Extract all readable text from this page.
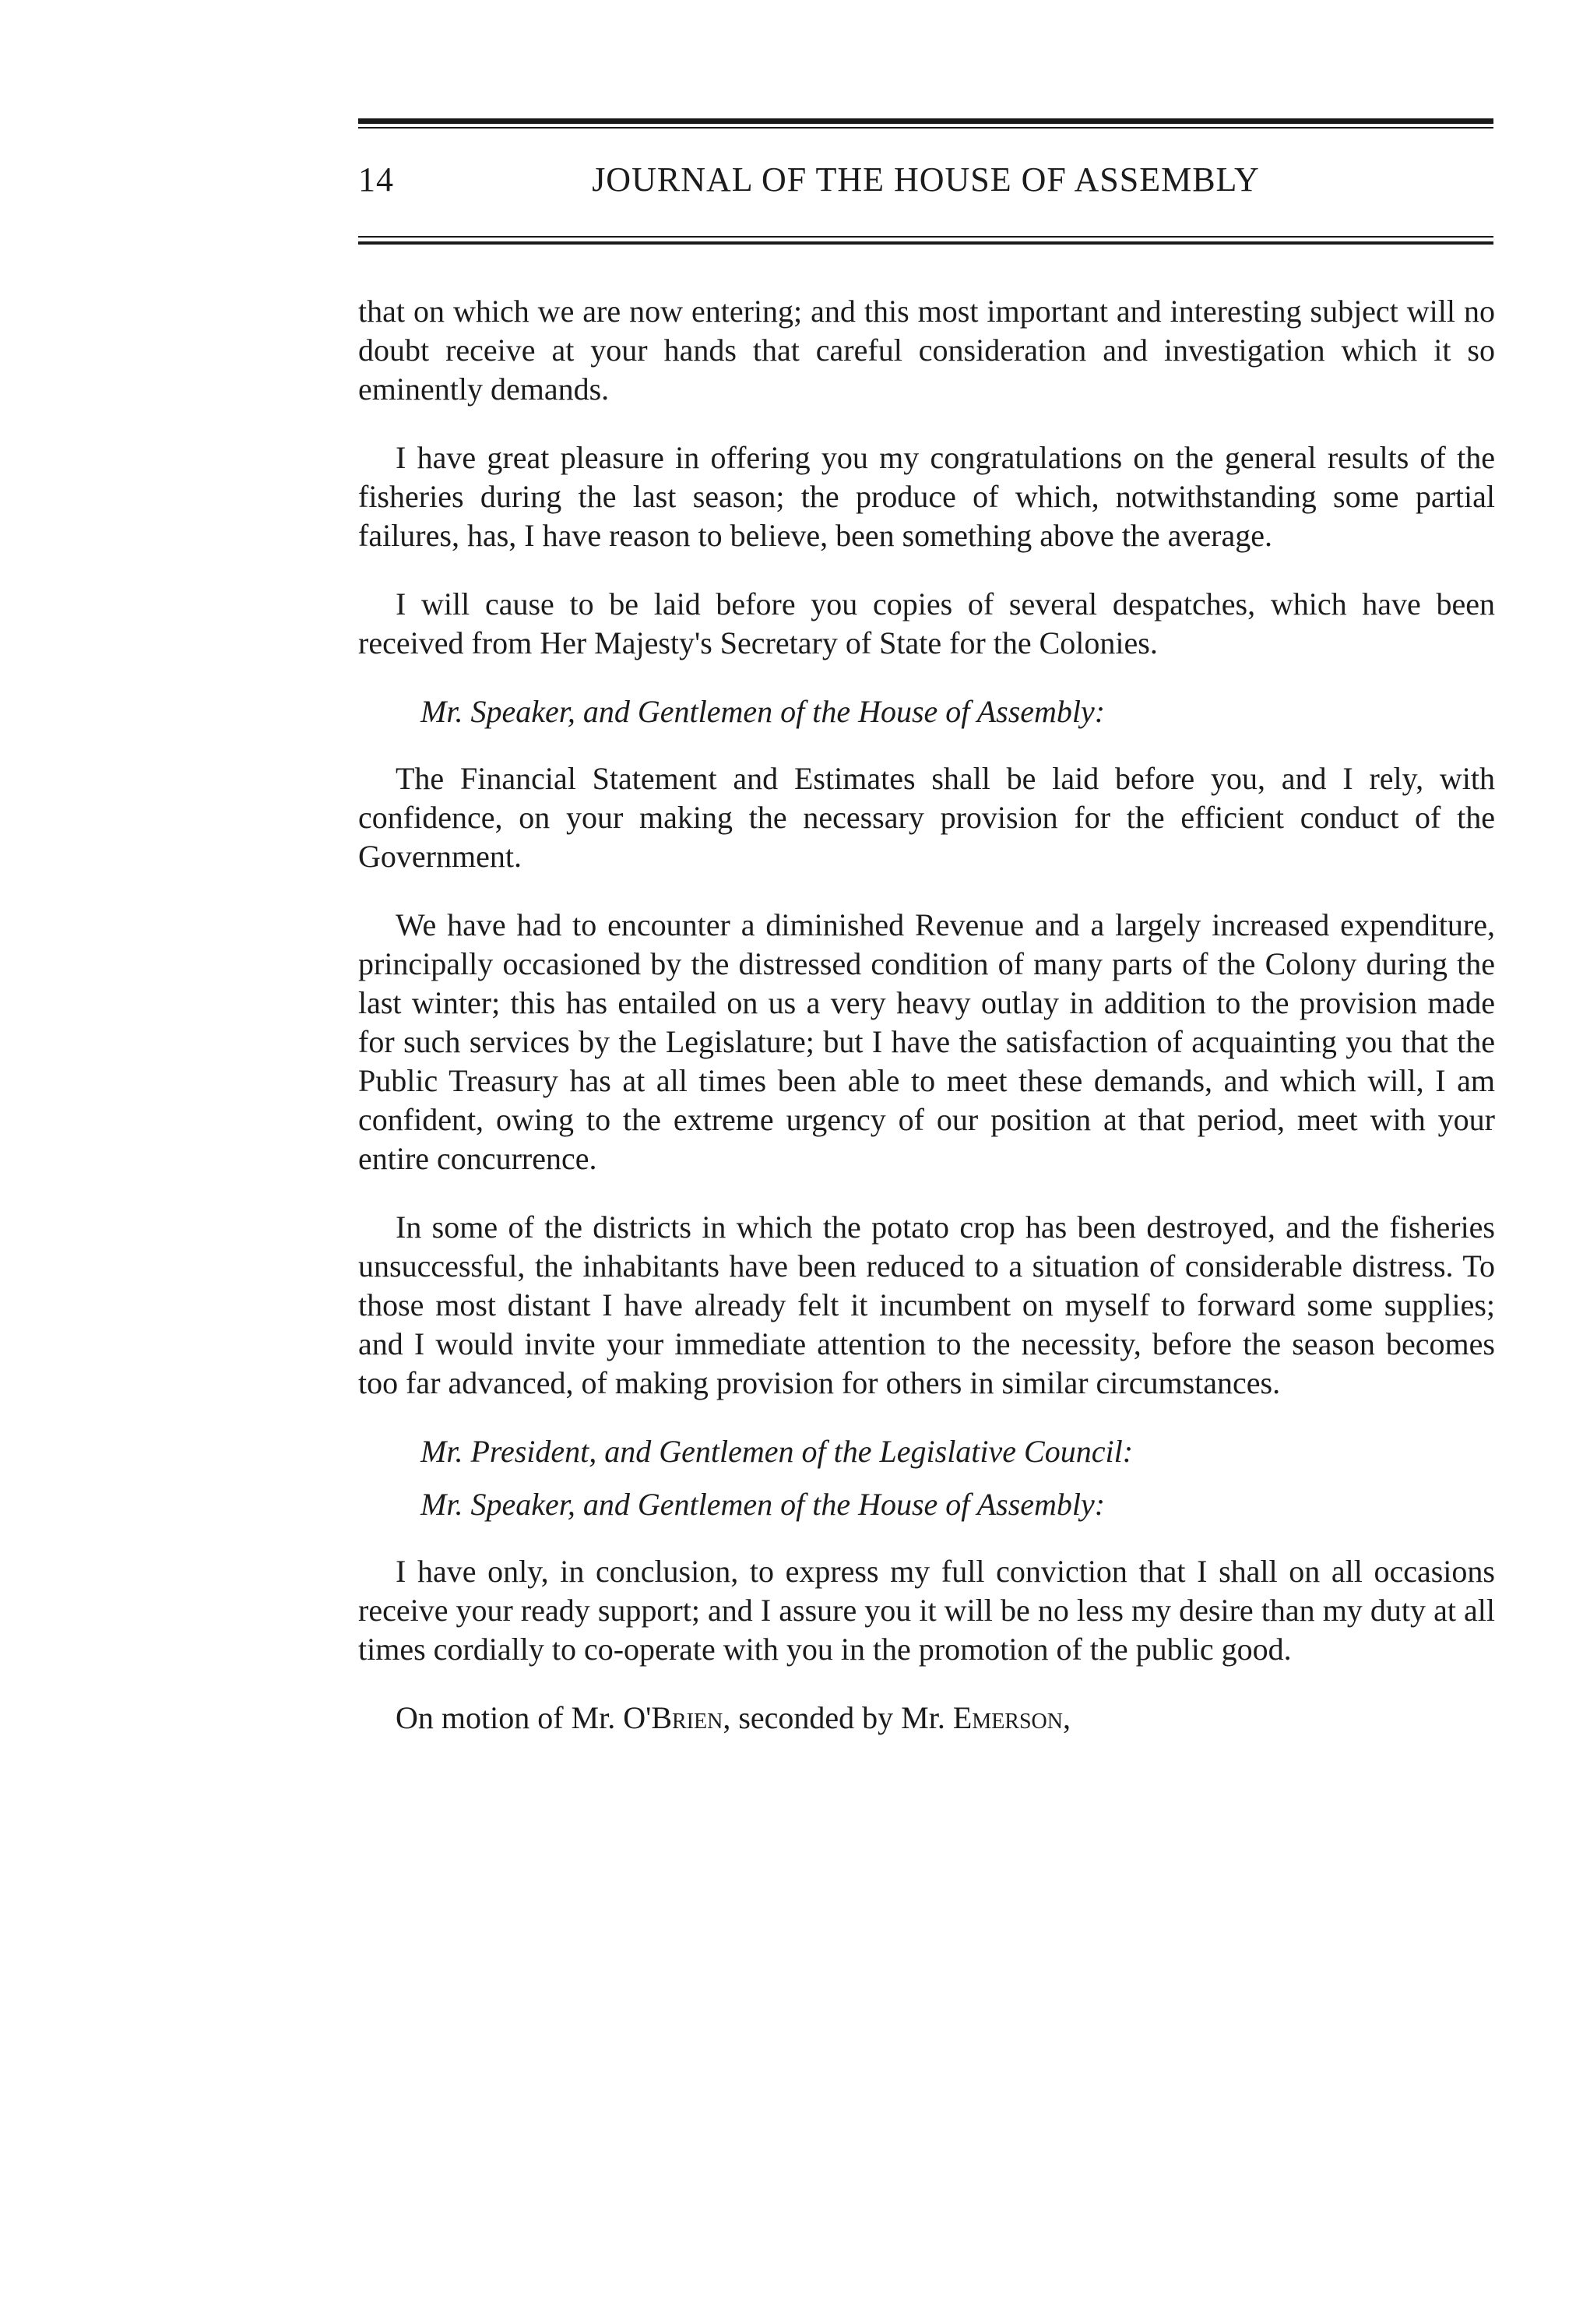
14	JOURNAL OF THE HOUSE OF ASSEMBLY

that on which we are now entering; and this most important and interesting subject will no doubt receive at your hands that careful consideration and investigation which it so eminently demands.

I have great pleasure in offering you my congratulations on the general results of the fisheries during the last season; the produce of which, notwithstanding some partial failures, has, I have reason to believe, been something above the average.

I will cause to be laid before you copies of several despatches, which have been received from Her Majesty's Secretary of State for the Colonies.

Mr. Speaker, and Gentlemen of the House of Assembly:

The Financial Statement and Estimates shall be laid before you, and I rely, with confidence, on your making the necessary provision for the efficient conduct of the Government.

We have had to encounter a diminished Revenue and a largely increased expenditure, principally occasioned by the distressed condition of many parts of the Colony during the last winter; this has entailed on us a very heavy outlay in addition to the provision made for such services by the Legislature; but I have the satisfaction of acquainting you that the Public Treasury has at all times been able to meet these demands, and which will, I am confident, owing to the extreme urgency of our position at that period, meet with your entire concurrence.

In some of the districts in which the potato crop has been destroyed, and the fisheries unsuccessful, the inhabitants have been reduced to a situation of considerable distress. To those most distant I have already felt it incumbent on myself to forward some supplies; and I would invite your immediate attention to the necessity, before the season becomes too far advanced, of making provision for others in similar circumstances.

Mr. President, and Gentlemen of the Legislative Council:

Mr. Speaker, and Gentlemen of the House of Assembly:

I have only, in conclusion, to express my full conviction that I shall on all occasions receive your ready support; and I assure you it will be no less my desire than my duty at all times cordially to co-operate with you in the promotion of the public good.

On motion of Mr. O'Brien, seconded by Mr. Emerson,
